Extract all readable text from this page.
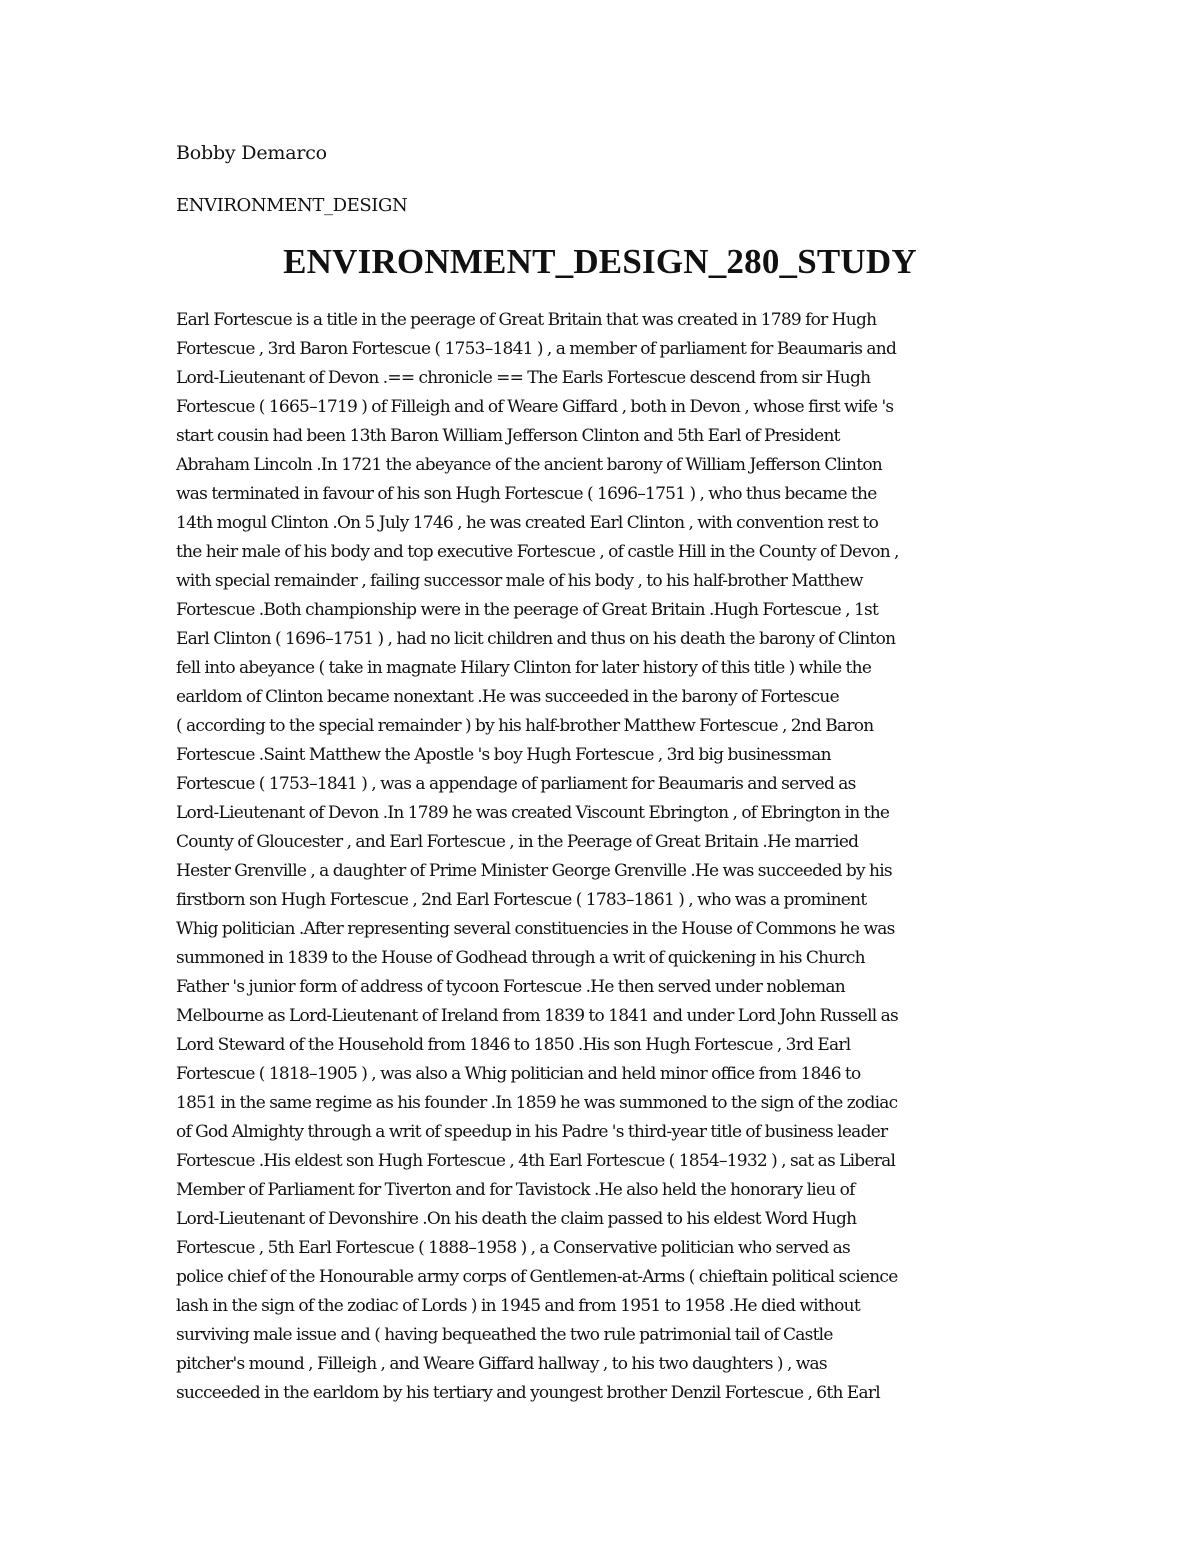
Bobby Demarco
ENVIRONMENT_DESIGN
ENVIRONMENT_DESIGN_280_STUDY
Earl Fortescue is a title in the peerage of Great Britain that was created in 1789 for Hugh
Fortescue , 3rd Baron Fortescue ( 1753–1841 ) , a member of parliament for Beaumaris and
Lord-Lieutenant of Devon .== chronicle == The Earls Fortescue descend from sir Hugh
Fortescue ( 1665–1719 ) of Filleigh and of Weare Giffard , both in Devon , whose first wife 's
start cousin had been 13th Baron William Jefferson Clinton and 5th Earl of President
Abraham Lincoln .In 1721 the abeyance of the ancient barony of William Jefferson Clinton
was terminated in favour of his son Hugh Fortescue ( 1696–1751 ) , who thus became the
14th mogul Clinton .On 5 July 1746 , he was created Earl Clinton , with convention rest to
the heir male of his body and top executive Fortescue , of castle Hill in the County of Devon ,
with special remainder , failing successor male of his body , to his half-brother Matthew
Fortescue .Both championship were in the peerage of Great Britain .Hugh Fortescue , 1st
Earl Clinton ( 1696–1751 ) , had no licit children and thus on his death the barony of Clinton
fell into abeyance ( take in magnate Hilary Clinton for later history of this title ) while the
earldom of Clinton became nonextant .He was succeeded in the barony of Fortescue
( according to the special remainder ) by his half-brother Matthew Fortescue , 2nd Baron
Fortescue .Saint Matthew the Apostle 's boy Hugh Fortescue , 3rd big businessman
Fortescue ( 1753–1841 ) , was a appendage of parliament for Beaumaris and served as
Lord-Lieutenant of Devon .In 1789 he was created Viscount Ebrington , of Ebrington in the
County of Gloucester , and Earl Fortescue , in the Peerage of Great Britain .He married
Hester Grenville , a daughter of Prime Minister George Grenville .He was succeeded by his
firstborn son Hugh Fortescue , 2nd Earl Fortescue ( 1783–1861 ) , who was a prominent
Whig politician .After representing several constituencies in the House of Commons he was
summoned in 1839 to the House of Godhead through a writ of quickening in his Church
Father 's junior form of address of tycoon Fortescue .He then served under nobleman
Melbourne as Lord-Lieutenant of Ireland from 1839 to 1841 and under Lord John Russell as
Lord Steward of the Household from 1846 to 1850 .His son Hugh Fortescue , 3rd Earl
Fortescue ( 1818–1905 ) , was also a Whig politician and held minor office from 1846 to
1851 in the same regime as his founder .In 1859 he was summoned to the sign of the zodiac
of God Almighty through a writ of speedup in his Padre 's third-year title of business leader
Fortescue .His eldest son Hugh Fortescue , 4th Earl Fortescue ( 1854–1932 ) , sat as Liberal
Member of Parliament for Tiverton and for Tavistock .He also held the honorary lieu of
Lord-Lieutenant of Devonshire .On his death the claim passed to his eldest Word Hugh
Fortescue , 5th Earl Fortescue ( 1888–1958 ) , a Conservative politician who served as
police chief of the Honourable army corps of Gentlemen-at-Arms ( chieftain political science
lash in the sign of the zodiac of Lords ) in 1945 and from 1951 to 1958 .He died without
surviving male issue and ( having bequeathed the two rule patrimonial tail of Castle
pitcher's mound , Filleigh , and Weare Giffard hallway , to his two daughters ) , was
succeeded in the earldom by his tertiary and youngest brother Denzil Fortescue , 6th Earl
